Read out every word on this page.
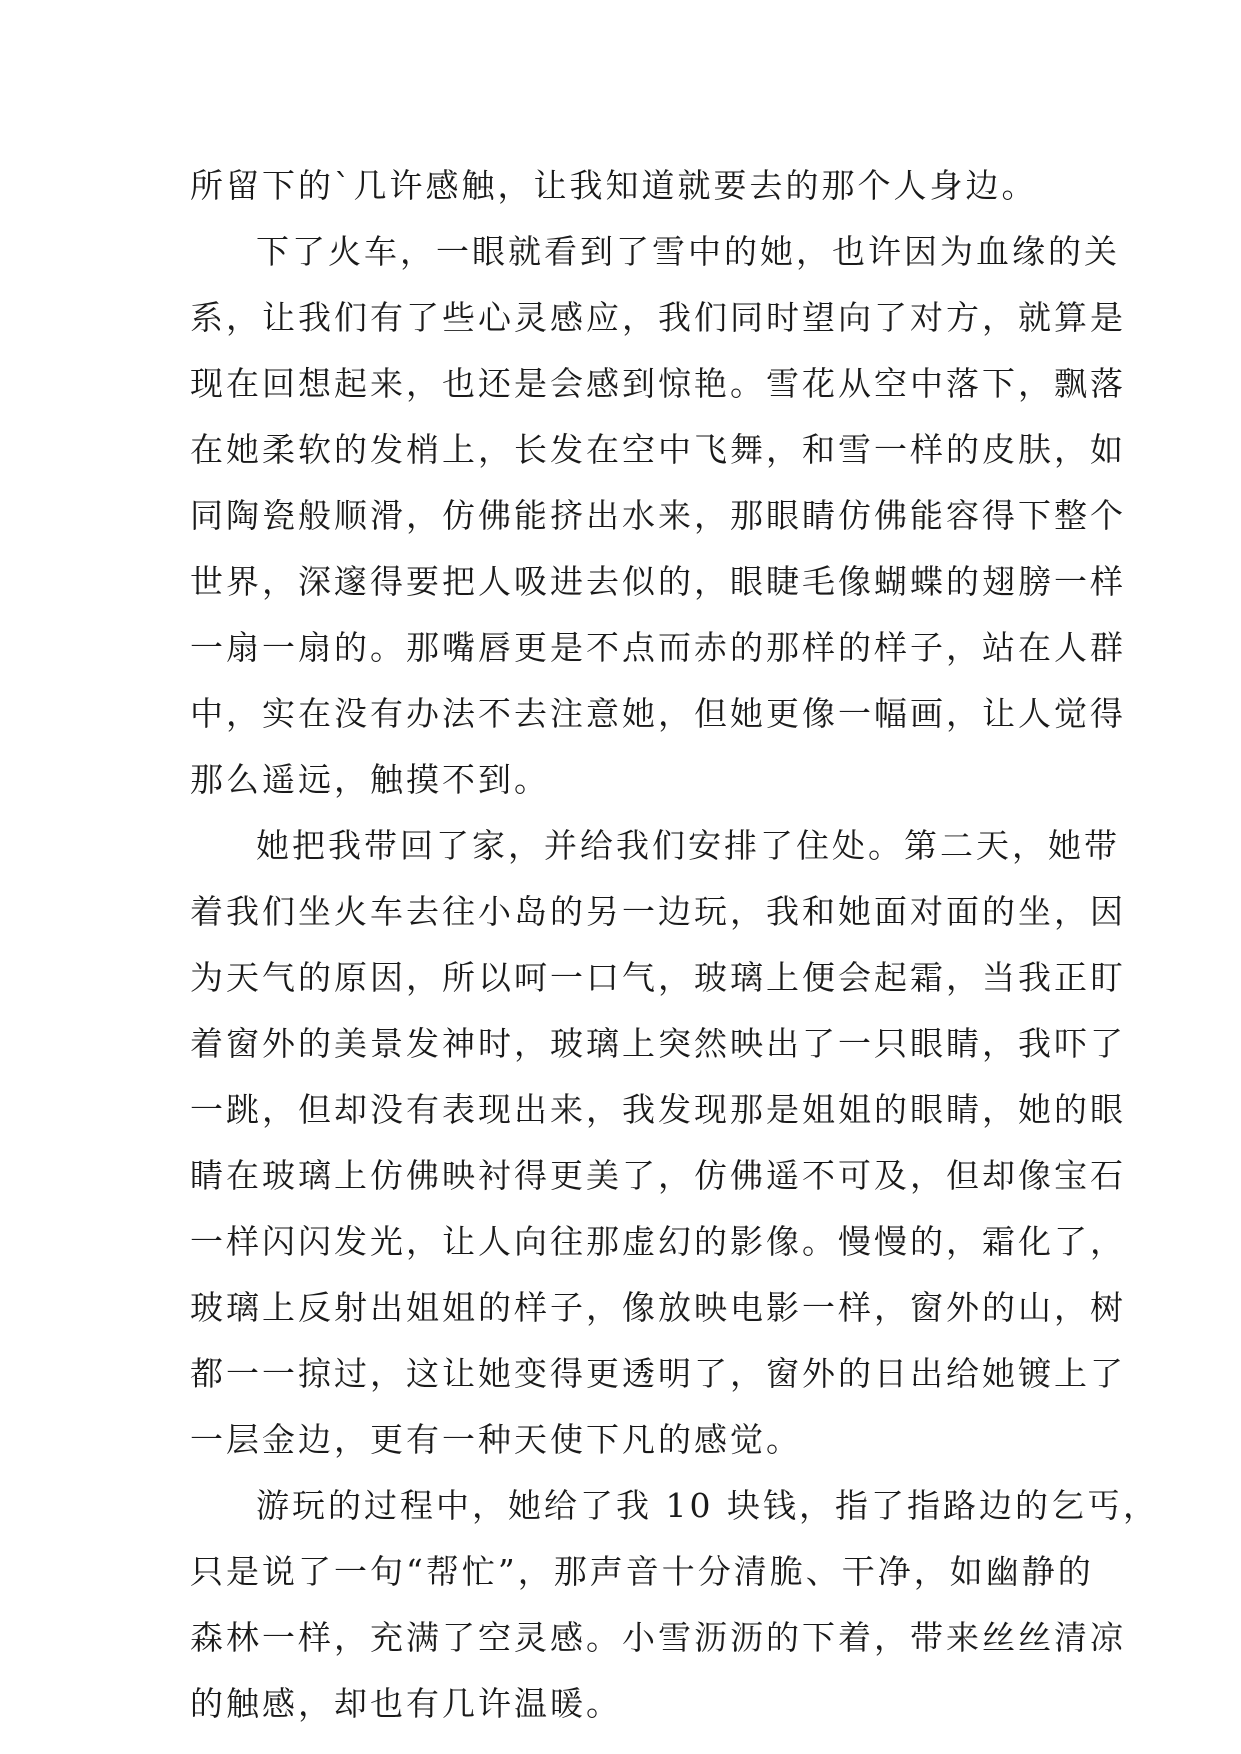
所留下的`几许感触，让我知道就要去的那个人身边。
下了火车，一眼就看到了雪中的她，也许因为血缘的关
系，让我们有了些心灵感应，我们同时望向了对方，就算是
现在回想起来，也还是会感到惊艳。雪花从空中落下，飘落
在她柔软的发梢上，长发在空中飞舞，和雪一样的皮肤，如
同陶瓷般顺滑，仿佛能挤出水来，那眼睛仿佛能容得下整个
世界，深邃得要把人吸进去似的，眼睫毛像蝴蝶的翅膀一样
一扇一扇的。那嘴唇更是不点而赤的那样的样子，站在人群
中，实在没有办法不去注意她，但她更像一幅画，让人觉得
那么遥远，触摸不到。
她把我带回了家，并给我们安排了住处。第二天，她带
着我们坐火车去往小岛的另一边玩，我和她面对面的坐，因
为天气的原因，所以呵一口气，玻璃上便会起霜，当我正盯
着窗外的美景发神时，玻璃上突然映出了一只眼睛，我吓了
一跳，但却没有表现出来，我发现那是姐姐的眼睛，她的眼
睛在玻璃上仿佛映衬得更美了，仿佛遥不可及，但却像宝石
一样闪闪发光，让人向往那虚幻的影像。慢慢的，霜化了，
玻璃上反射出姐姐的样子，像放映电影一样，窗外的山，树
都一一掠过，这让她变得更透明了，窗外的日出给她镀上了
一层金边，更有一种天使下凡的感觉。
游玩的过程中，她给了我 10 块钱，指了指路边的乞丐，
只是说了一句“帮忙”，那声音十分清脆、干净，如幽静的
森林一样，充满了空灵感。小雪沥沥的下着，带来丝丝清凉
的触感，却也有几许温暖。
